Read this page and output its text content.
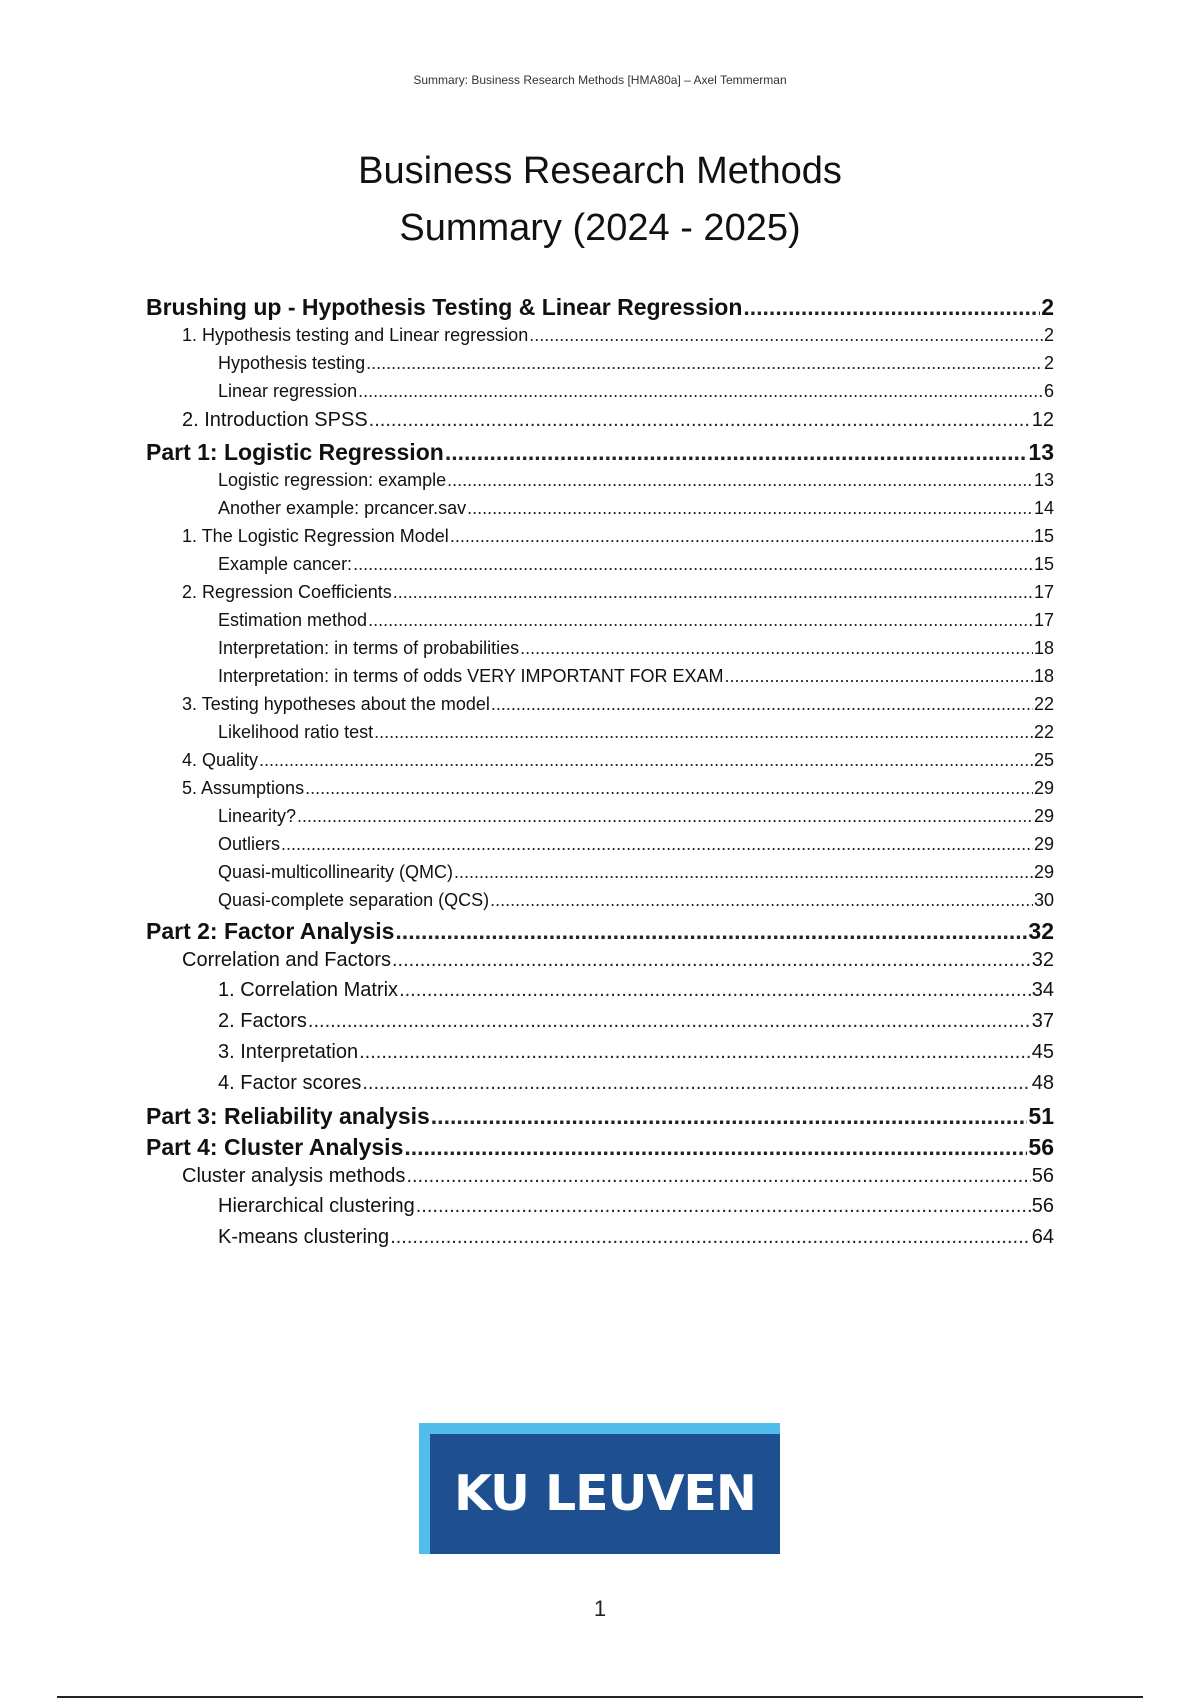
Summary: Business Research Methods [HMA80a] – Axel Temmerman
Business Research Methods
Summary (2024 - 2025)
Brushing up - Hypothesis Testing & Linear Regression .....	2
1. Hypothesis testing and Linear regression .....	2
Hypothesis testing .....	2
Linear regression .....	6
2. Introduction SPSS .....	12
Part 1: Logistic Regression .....	13
Logistic regression: example .....	13
Another example: prcancer.sav .....	14
1. The Logistic Regression Model .....	15
Example cancer: .....	15
2. Regression Coefficients .....	17
Estimation method .....	17
Interpretation: in terms of probabilities .....	18
Interpretation: in terms of odds VERY IMPORTANT FOR EXAM .....	18
3. Testing hypotheses about the model .....	22
Likelihood ratio test .....	22
4. Quality .....	25
5. Assumptions .....	29
Linearity? .....	29
Outliers .....	29
Quasi-multicollinearity (QMC) .....	29
Quasi-complete separation (QCS) .....	30
Part 2: Factor Analysis .....	32
Correlation and Factors .....	32
1. Correlation Matrix .....	34
2. Factors .....	37
3. Interpretation .....	45
4. Factor scores .....	48
Part 3: Reliability analysis .....	51
Part 4: Cluster Analysis .....	56
Cluster analysis methods .....	56
Hierarchical clustering .....	56
K-means clustering .....	64
KU LEUVEN
1
